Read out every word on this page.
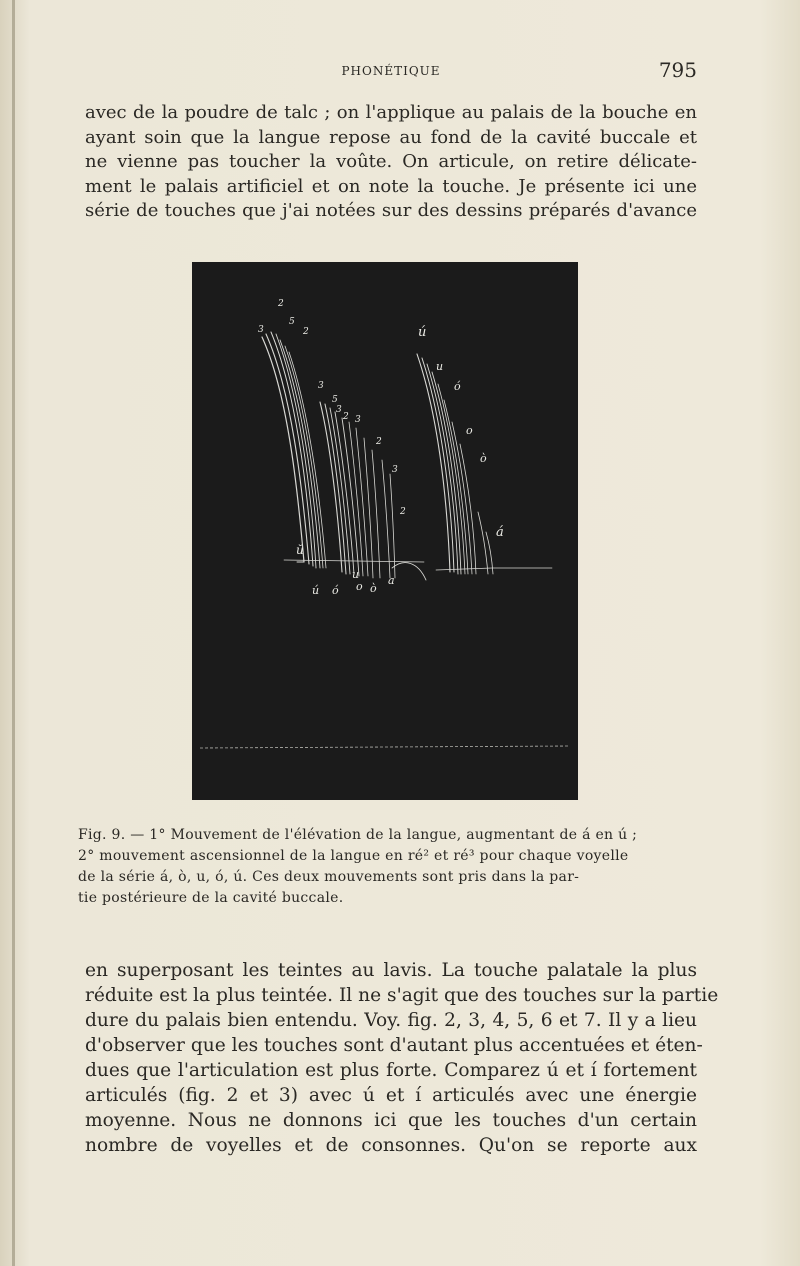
PHONÉTIQUE	795

avec de la poudre de talc ; on l'applique au palais de la bouche en
ayant soin que la langue repose au fond de la cavité buccale et
ne vienne pas toucher la voûte. On articule, on retire délicate-
ment le palais artificiel et on note la touche. Je présente ici une
série de touches que j'ai notées sur des dessins préparés d'avance

2
3
5
2
3
5
3
2 3
2
3
2
ú
u
ó
o
ò
ŭ
á
ú ó
u
o ò
a
Fig. 9. — 1° Mouvement de l'élévation de la langue, augmentant de á en ú ;
2° mouvement ascensionnel de la langue en ré² et ré³ pour chaque voyelle
de la série á, ò, u, ó, ú. Ces deux mouvements sont pris dans la par-
tie postérieure de la cavité buccale.

en superposant les teintes au lavis. La touche palatale la plus
réduite est la plus teintée. Il ne s'agit que des touches sur la partie
dure du palais bien entendu. Voy. fig. 2, 3, 4, 5, 6 et 7. Il y a lieu
d'observer que les touches sont d'autant plus accentuées et éten-
dues que l'articulation est plus forte. Comparez ú et í fortement
articulés (fig. 2 et 3) avec ú et í articulés avec une énergie
moyenne. Nous ne donnons ici que les touches d'un certain
nombre de voyelles et de consonnes. Qu'on se reporte aux
